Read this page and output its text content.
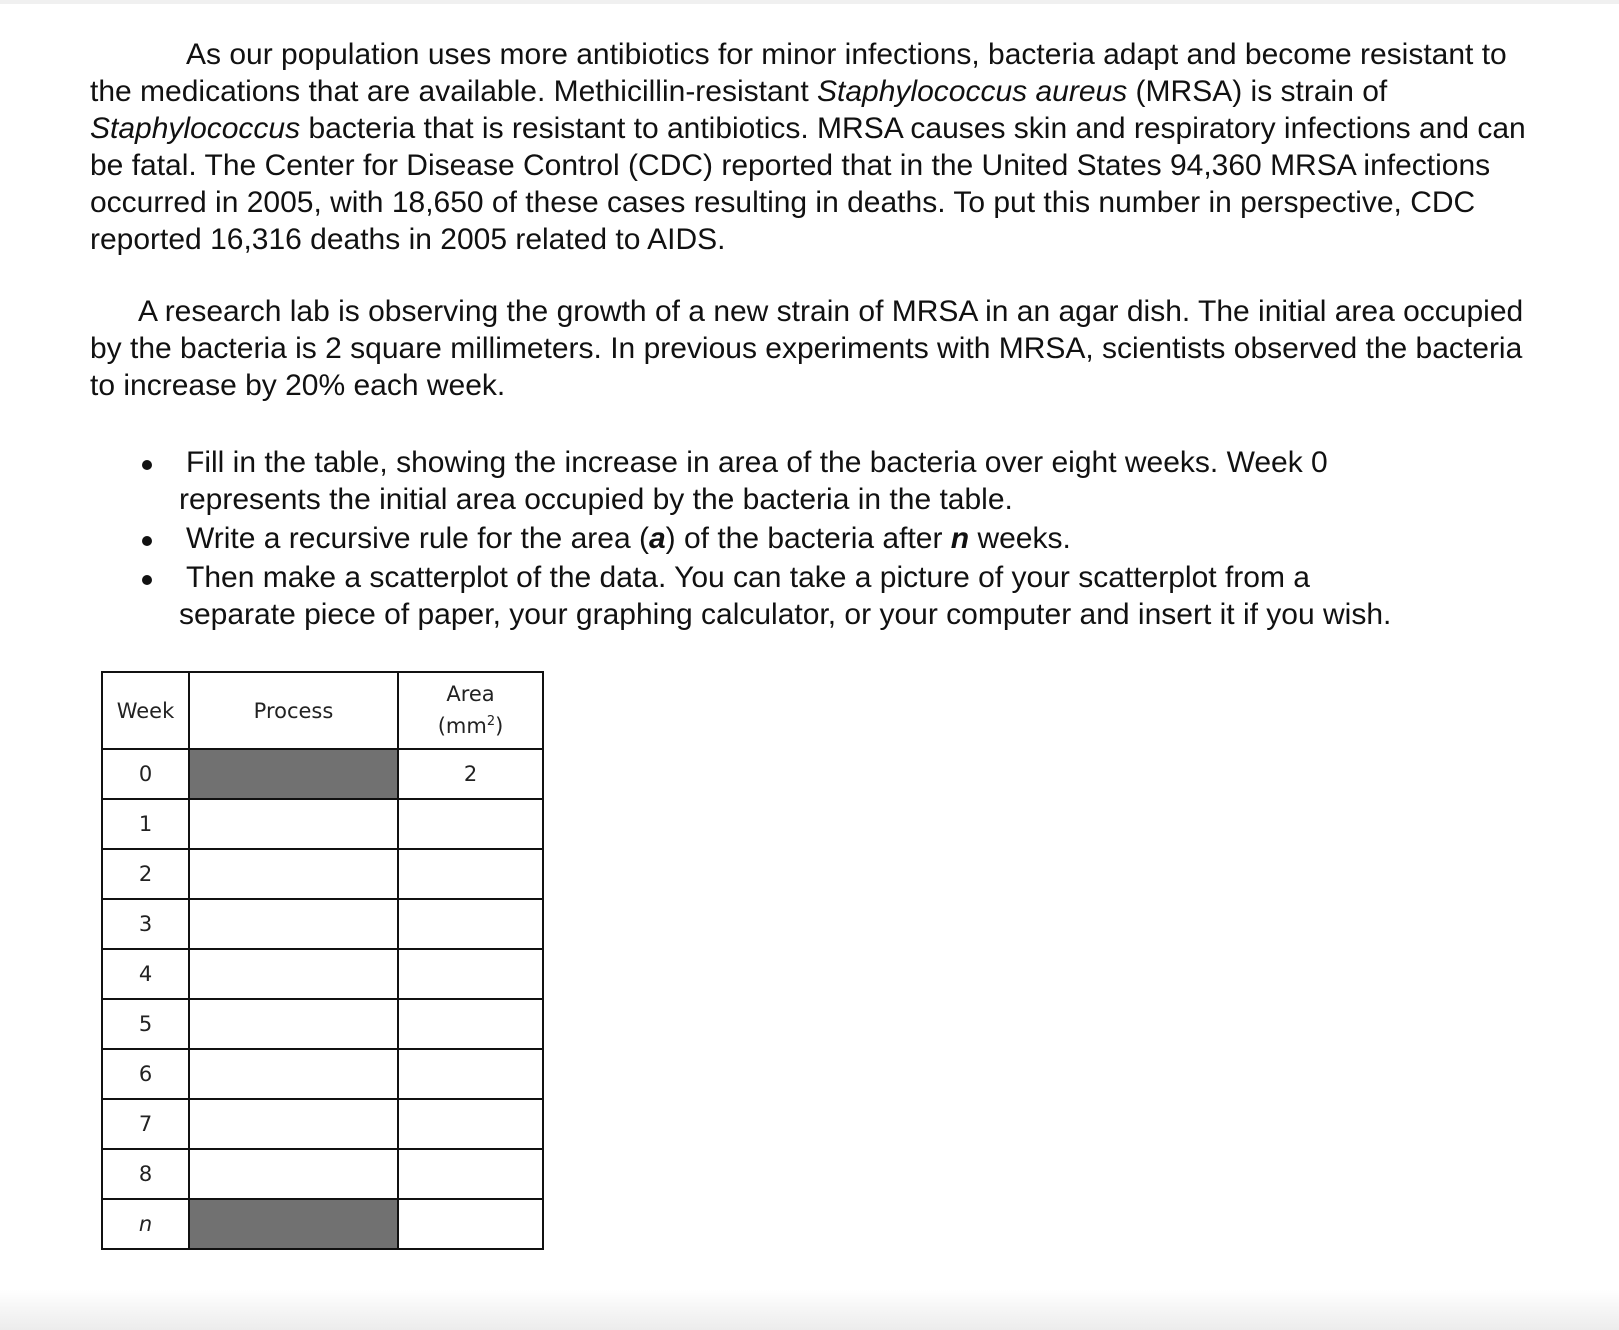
As our population uses more antibiotics for minor infections, bacteria adapt and become resistant to the medications that are available. Methicillin-resistant Staphylococcus aureus (MRSA) is strain of Staphylococcus bacteria that is resistant to antibiotics. MRSA causes skin and respiratory infections and can be fatal. The Center for Disease Control (CDC) reported that in the United States 94,360 MRSA infections occurred in 2005, with 18,650 of these cases resulting in deaths. To put this number in perspective, CDC reported 16,316 deaths in 2005 related to AIDS.

A research lab is observing the growth of a new strain of MRSA in an agar dish. The initial area occupied by the bacteria is 2 square millimeters. In previous experiments with MRSA, scientists observed the bacteria to increase by 20% each week.

Fill in the table, showing the increase in area of the bacteria over eight weeks. Week 0
represents the initial area occupied by the bacteria in the table.
Write a recursive rule for the area (a) of the bacteria after n weeks.
Then make a scatterplot of the data. You can take a picture of your scatterplot from a
separate piece of paper, your graphing calculator, or your computer and insert it if you wish.
Week	Process	Area
$(mm^2)$

0		2
1		
2		
3		
4		
5		
6		
7		
8		
n		
